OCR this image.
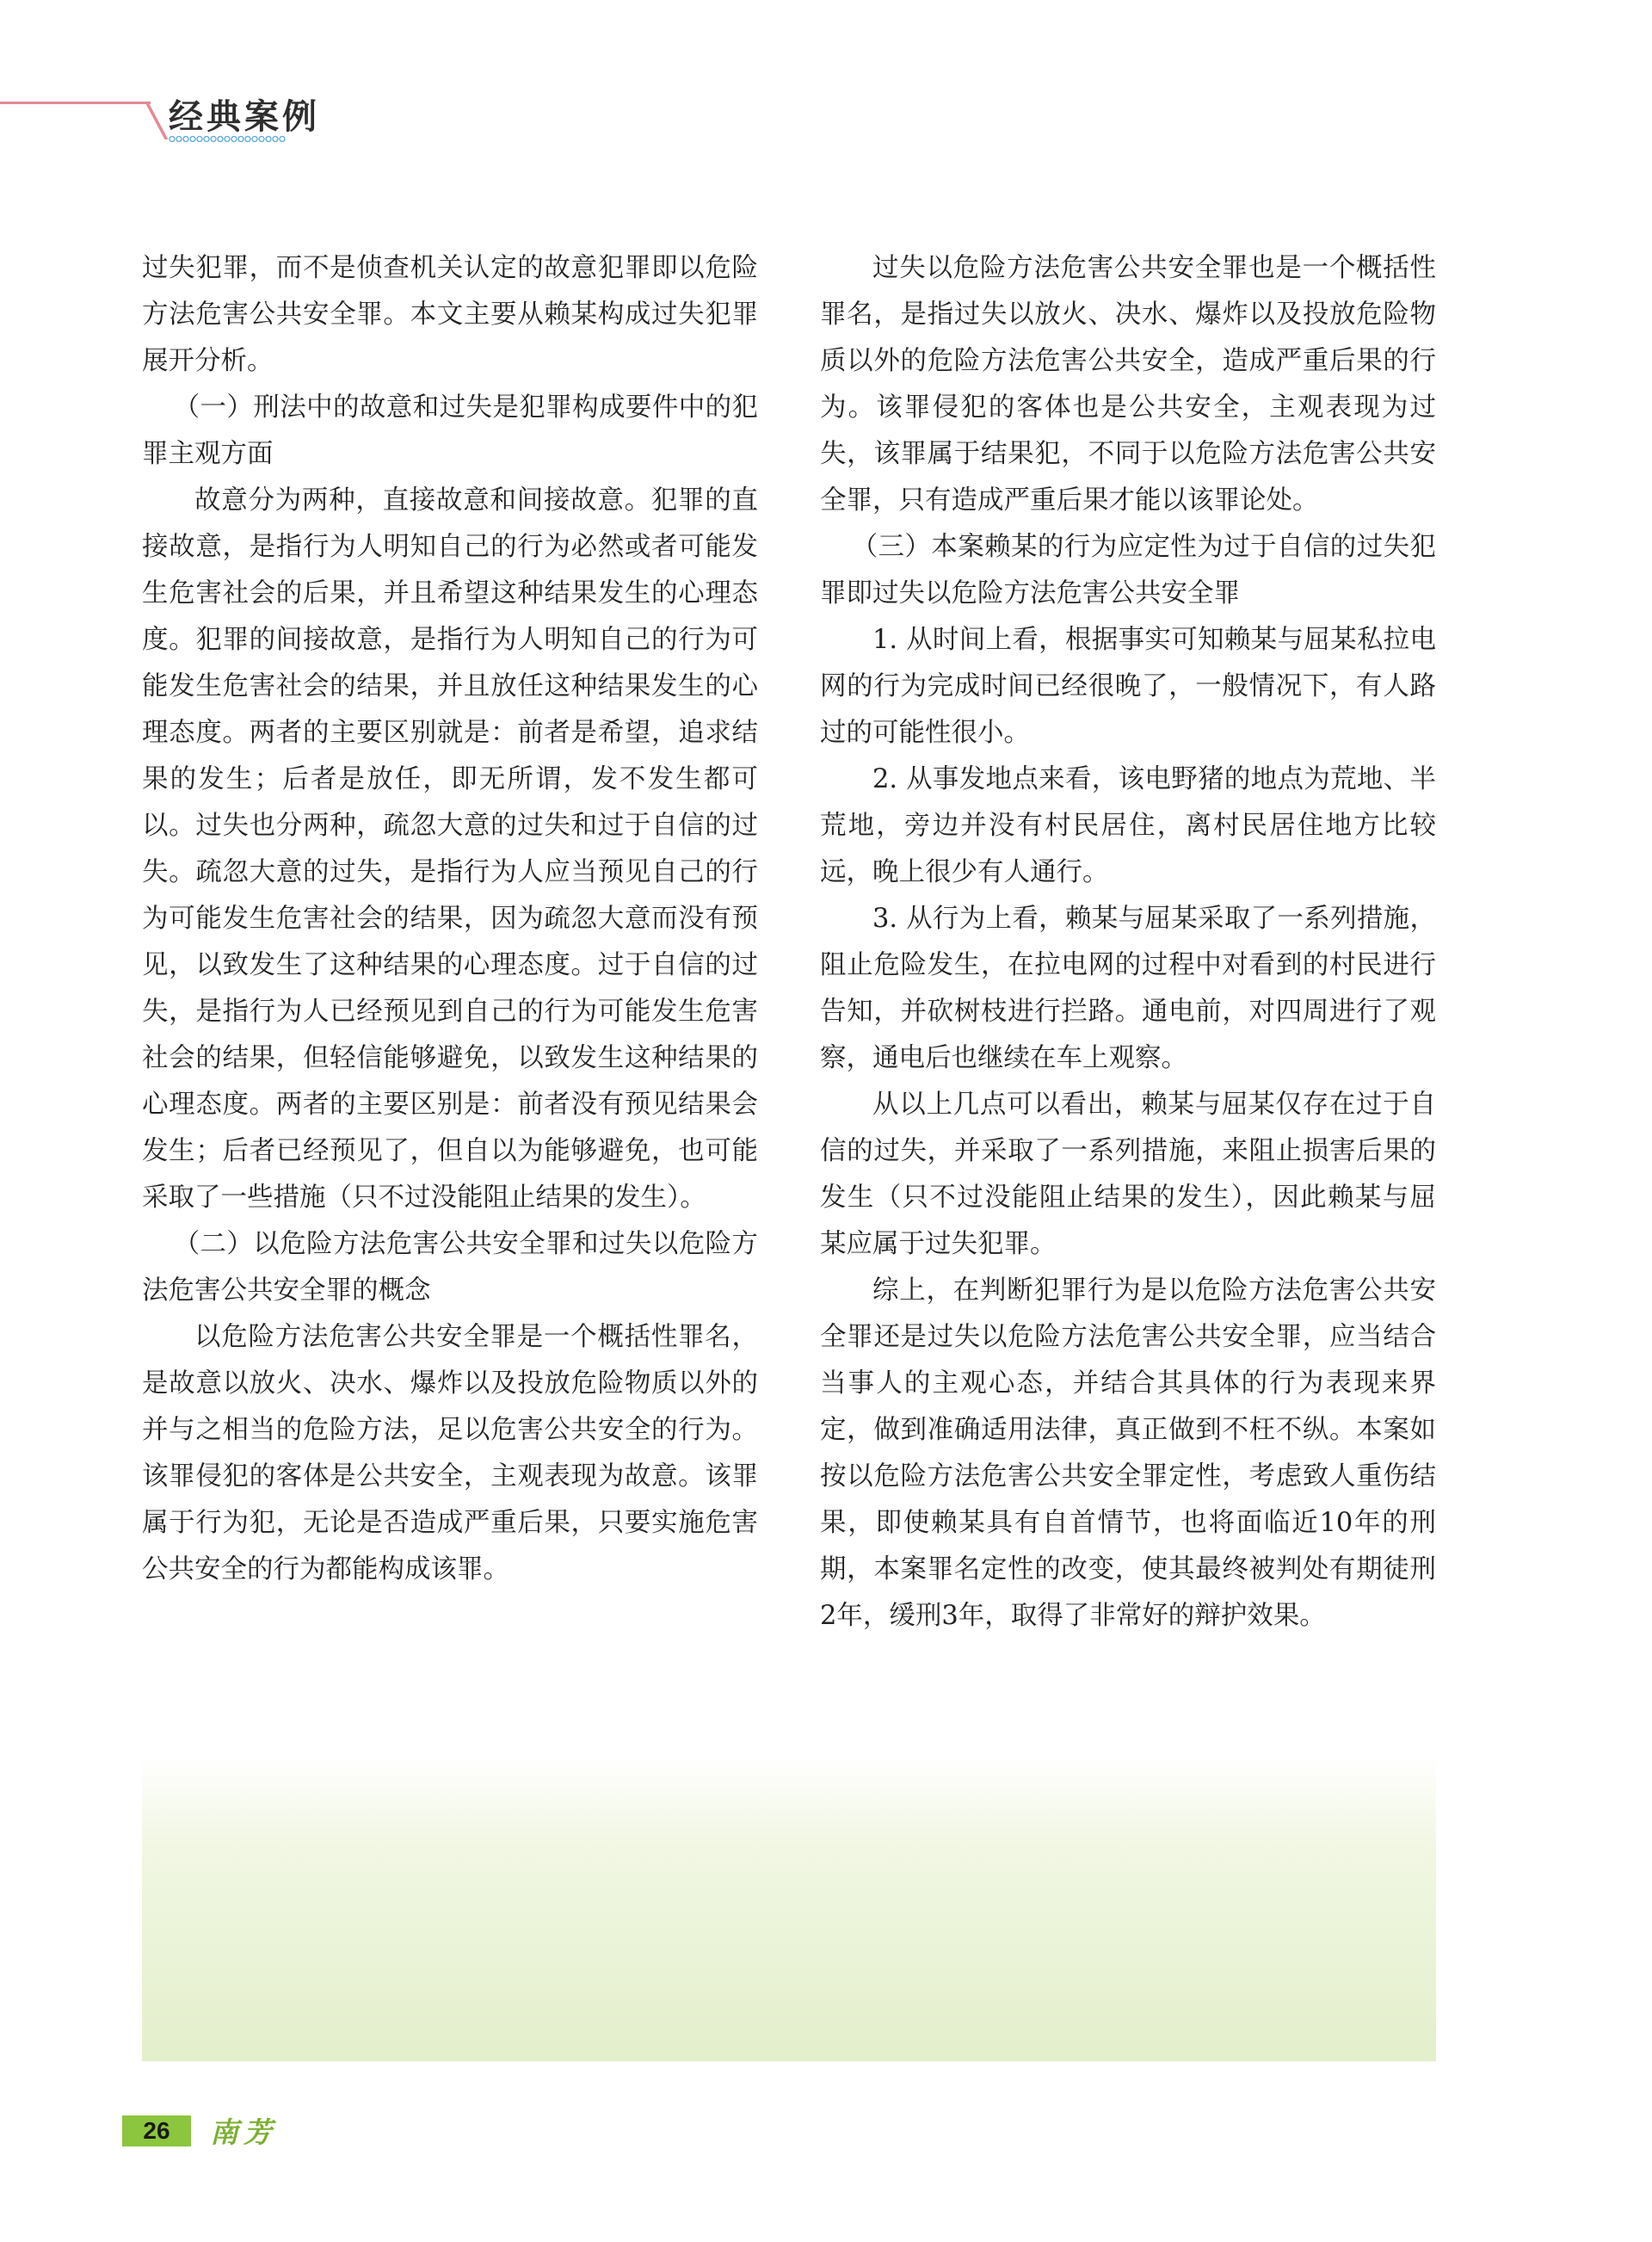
经典案例

过失犯罪，而不是侦查机关认定的故意犯罪即以危险方法危害公共安全罪。本文主要从赖某构成过失犯罪展开分析。

（一）刑法中的故意和过失是犯罪构成要件中的犯罪主观方面

故意分为两种，直接故意和间接故意。犯罪的直接故意，是指行为人明知自己的行为必然或者可能发生危害社会的后果，并且希望这种结果发生的心理态度。犯罪的间接故意，是指行为人明知自己的行为可能发生危害社会的结果，并且放任这种结果发生的心理态度。两者的主要区别就是：前者是希望，追求结果的发生；后者是放任，即无所谓，发不发生都可以。过失也分两种，疏忽大意的过失和过于自信的过失。疏忽大意的过失，是指行为人应当预见自己的行为可能发生危害社会的结果，因为疏忽大意而没有预见，以致发生了这种结果的心理态度。过于自信的过失，是指行为人已经预见到自己的行为可能发生危害社会的结果，但轻信能够避免，以致发生这种结果的心理态度。两者的主要区别是：前者没有预见结果会发生；后者已经预见了，但自以为能够避免，也可能采取了一些措施（只不过没能阻止结果的发生）。

（二）以危险方法危害公共安全罪和过失以危险方法危害公共安全罪的概念

以危险方法危害公共安全罪是一个概括性罪名，是故意以放火、决水、爆炸以及投放危险物质以外的并与之相当的危险方法，足以危害公共安全的行为。该罪侵犯的客体是公共安全，主观表现为故意。该罪属于行为犯，无论是否造成严重后果，只要实施危害公共安全的行为都能构成该罪。

过失以危险方法危害公共安全罪也是一个概括性罪名，是指过失以放火、决水、爆炸以及投放危险物质以外的危险方法危害公共安全，造成严重后果的行为。该罪侵犯的客体也是公共安全，主观表现为过失，该罪属于结果犯，不同于以危险方法危害公共安全罪，只有造成严重后果才能以该罪论处。

（三）本案赖某的行为应定性为过于自信的过失犯罪即过失以危险方法危害公共安全罪

1. 从时间上看，根据事实可知赖某与屈某私拉电网的行为完成时间已经很晚了，一般情况下，有人路过的可能性很小。

2. 从事发地点来看，该电野猪的地点为荒地、半荒地，旁边并没有村民居住，离村民居住地方比较远，晚上很少有人通行。

3. 从行为上看，赖某与屈某采取了一系列措施，阻止危险发生，在拉电网的过程中对看到的村民进行告知，并砍树枝进行拦路。通电前，对四周进行了观察，通电后也继续在车上观察。

从以上几点可以看出，赖某与屈某仅存在过于自信的过失，并采取了一系列措施，来阻止损害后果的发生（只不过没能阻止结果的发生），因此赖某与屈某应属于过失犯罪。

综上，在判断犯罪行为是以危险方法危害公共安全罪还是过失以危险方法危害公共安全罪，应当结合当事人的主观心态，并结合其具体的行为表现来界定，做到准确适用法律，真正做到不枉不纵。本案如按以危险方法危害公共安全罪定性，考虑致人重伤结果，即使赖某具有自首情节，也将面临近10年的刑期，本案罪名定性的改变，使其最终被判处有期徒刑2年，缓刑3年，取得了非常好的辩护效果。

26	南芳
